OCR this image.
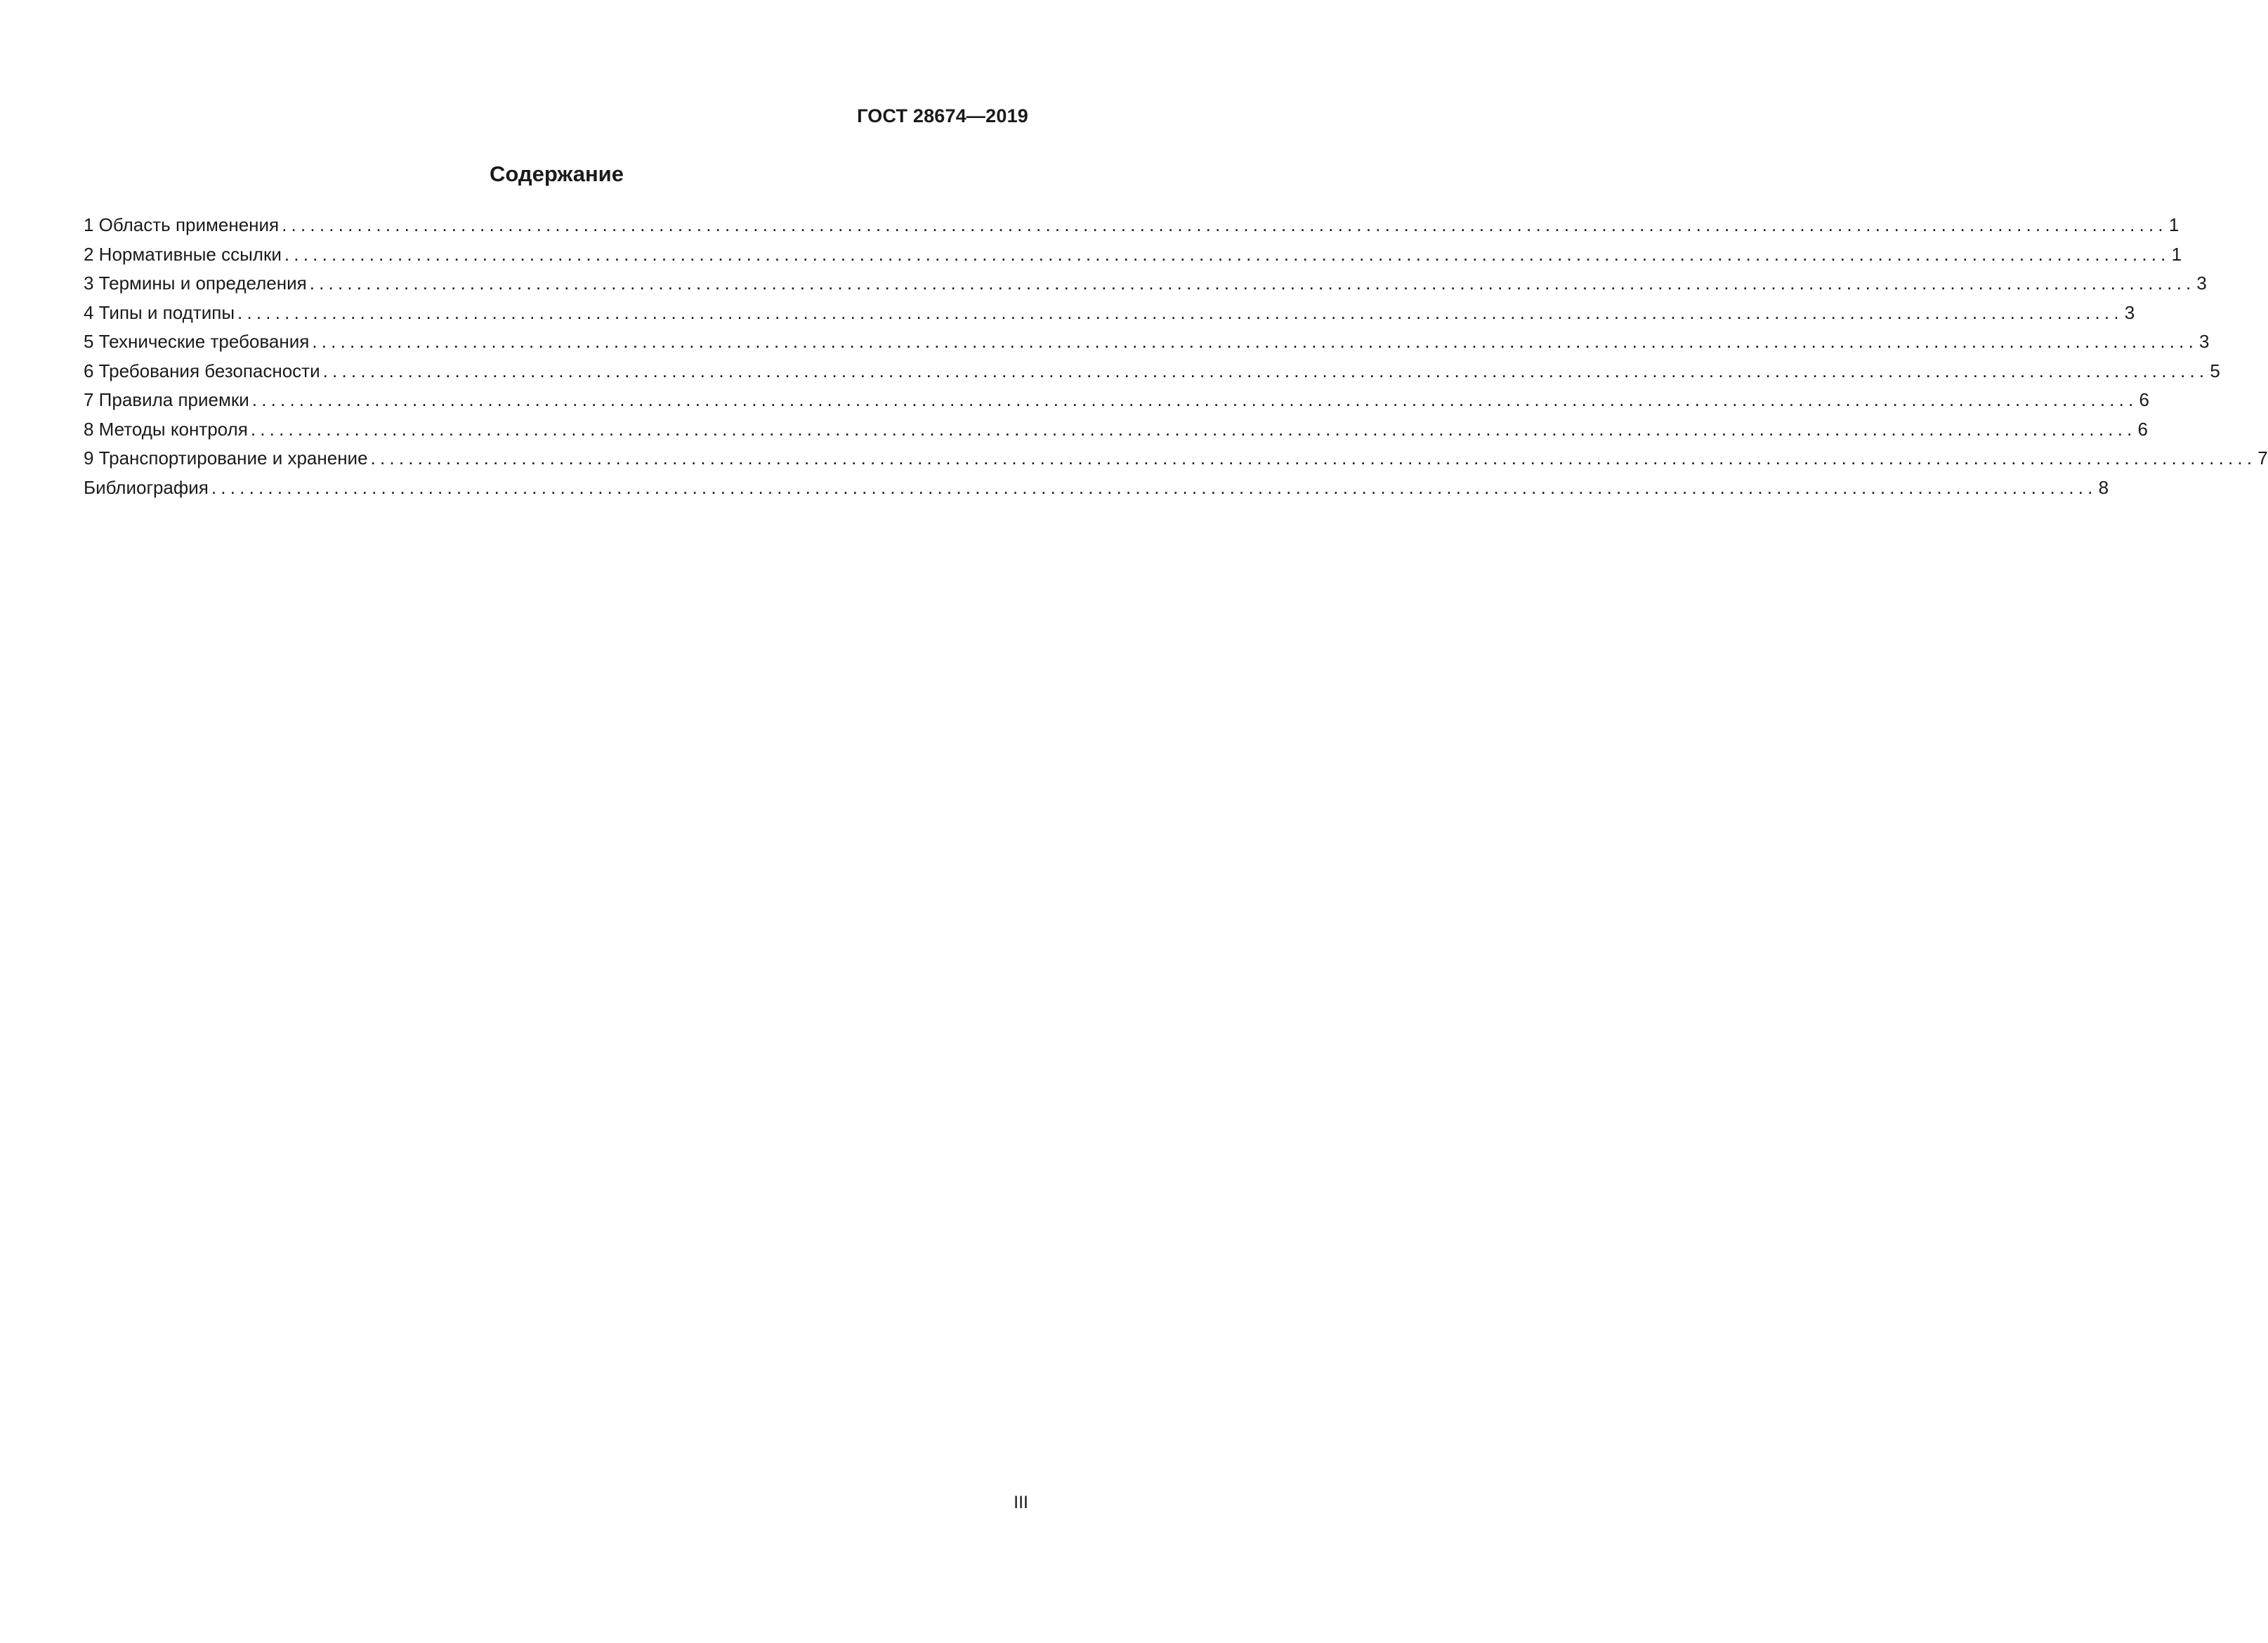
ГОСТ 28674—2019
Содержание
1 Область применения ........................................................................................................................................................................................................ 1
2 Нормативные ссылки ........................................................................................................................................................................................................ 1
3 Термины и определения ........................................................................................................................................................................................................ 3
4 Типы и подтипы ........................................................................................................................................................................................................ 3
5 Технические требования ........................................................................................................................................................................................................ 3
6 Требования безопасности ........................................................................................................................................................................................................ 5
7 Правила приемки ........................................................................................................................................................................................................ 6
8 Методы контроля ........................................................................................................................................................................................................ 6
9 Транспортирование и хранение ........................................................................................................................................................................................................ 7
Библиография ........................................................................................................................................................................................................ 8
III
